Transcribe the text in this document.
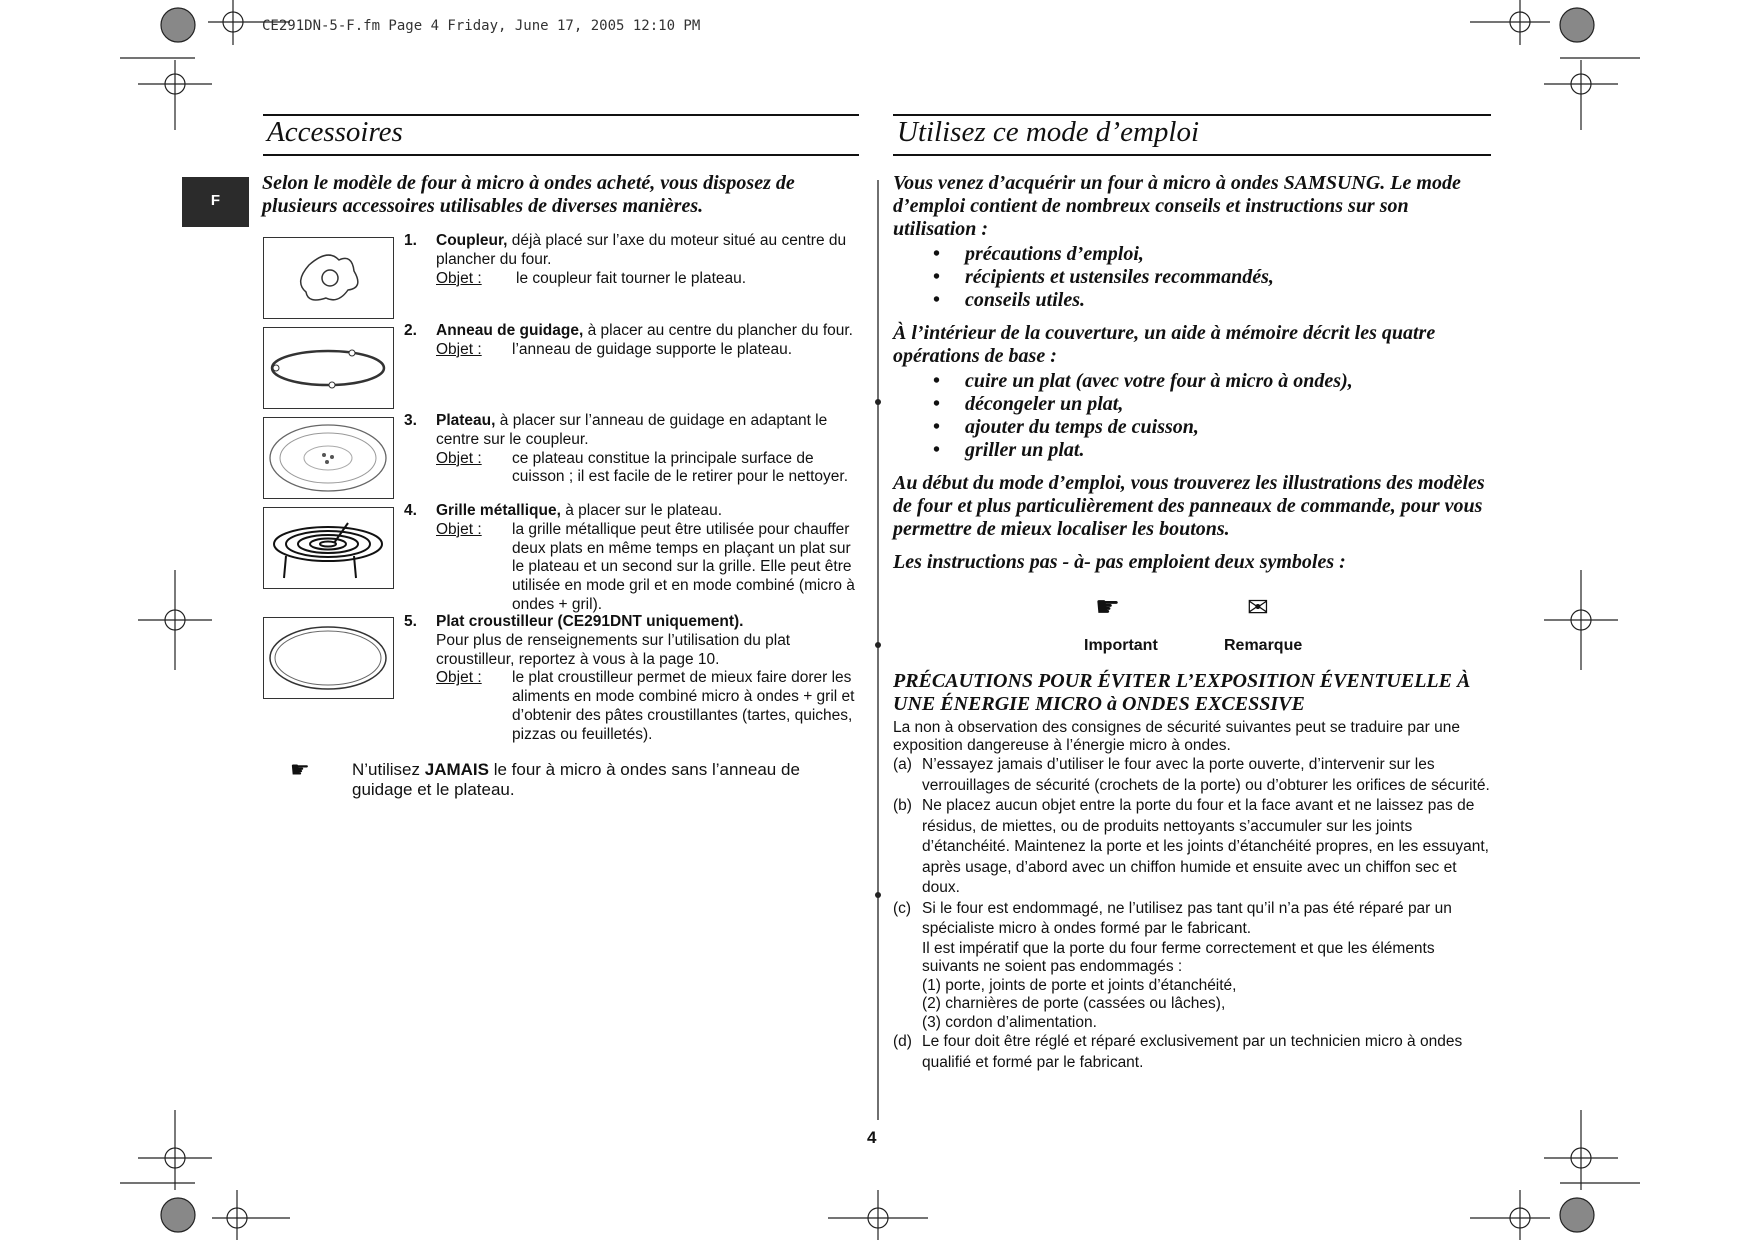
CE291DN-5-F.fm Page 4 Friday, June 17, 2005 12:10 PM
F
Accessoires
Selon le modèle de four à micro à ondes acheté, vous disposez de plusieurs accessoires utilisables de diverses manières.
1. Coupleur, déjà placé sur l’axe du moteur situé au centre du plancher du four.
Objet :	le coupleur fait tourner le plateau.
2. Anneau de guidage, à placer au centre du plancher du four.
Objet :	l’anneau de guidage supporte le plateau.
3. Plateau, à placer sur l’anneau de guidage en adaptant le centre sur le coupleur.
Objet :	ce plateau constitue la principale surface de cuisson ; il est facile de le retirer pour le nettoyer.
4. Grille métallique, à placer sur le plateau.
Objet :	la grille métallique peut être utilisée pour chauffer deux plats en même temps en plaçant un plat sur le plateau et un second sur la grille. Elle peut être utilisée en mode gril et en mode combiné (micro à ondes + gril).
5. Plat croustilleur (CE291DNT uniquement).
Pour plus de renseignements sur l’utilisation du plat croustilleur, reportez à vous à la page 10.
Objet :	le plat croustilleur permet de mieux faire dorer les aliments en mode combiné micro à ondes + gril et d’obtenir des pâtes croustillantes (tartes, quiches, pizzas ou feuilletés).
☛	N’utilisez JAMAIS le four à micro à ondes sans l’anneau de guidage et le plateau.
Utilisez ce mode d’emploi
Vous venez d’acquérir un four à micro à ondes SAMSUNG. Le mode d’emploi contient de nombreux conseils et instructions sur son utilisation :
• précautions d’emploi,
• récipients et ustensiles recommandés,
• conseils utiles.
À l’intérieur de la couverture, un aide à mémoire décrit les quatre opérations de base :
• cuire un plat (avec votre four à micro à ondes),
• décongeler un plat,
• ajouter du temps de cuisson,
• griller un plat.
Au début du mode d’emploi, vous trouverez les illustrations des modèles de four et plus particulièrement des panneaux de commande, pour vous permettre de mieux localiser les boutons.
Les instructions pas - à- pas emploient deux symboles :
☛	✉
Important	Remarque
PRÉCAUTIONS POUR ÉVITER L’EXPOSITION ÉVENTUELLE À UNE ÉNERGIE MICRO à ONDES EXCESSIVE
La non à observation des consignes de sécurité suivantes peut se traduire par une exposition dangereuse à l’énergie micro à ondes.
(a) N’essayez jamais d’utiliser le four avec la porte ouverte, d’intervenir sur les verrouillages de sécurité (crochets de la porte) ou d’obturer les orifices de sécurité.
(b) Ne placez aucun objet entre la porte du four et la face avant et ne laissez pas de résidus, de miettes, ou de produits nettoyants s’accumuler sur les joints d’étanchéité. Maintenez la porte et les joints d’étanchéité propres, en les essuyant, après usage, d’abord avec un chiffon humide et ensuite avec un chiffon sec et doux.
(c) Si le four est endommagé, ne l’utilisez pas tant qu’il n’a pas été réparé par un spécialiste micro à ondes formé par le fabricant.
Il est impératif que la porte du four ferme correctement et que les éléments suivants ne soient pas endommagés :
(1) porte, joints de porte et joints d’étanchéité,
(2) charnières de porte (cassées ou lâches),
(3) cordon d’alimentation.
(d) Le four doit être réglé et réparé exclusivement par un technicien micro à ondes qualifié et formé par le fabricant.
4
